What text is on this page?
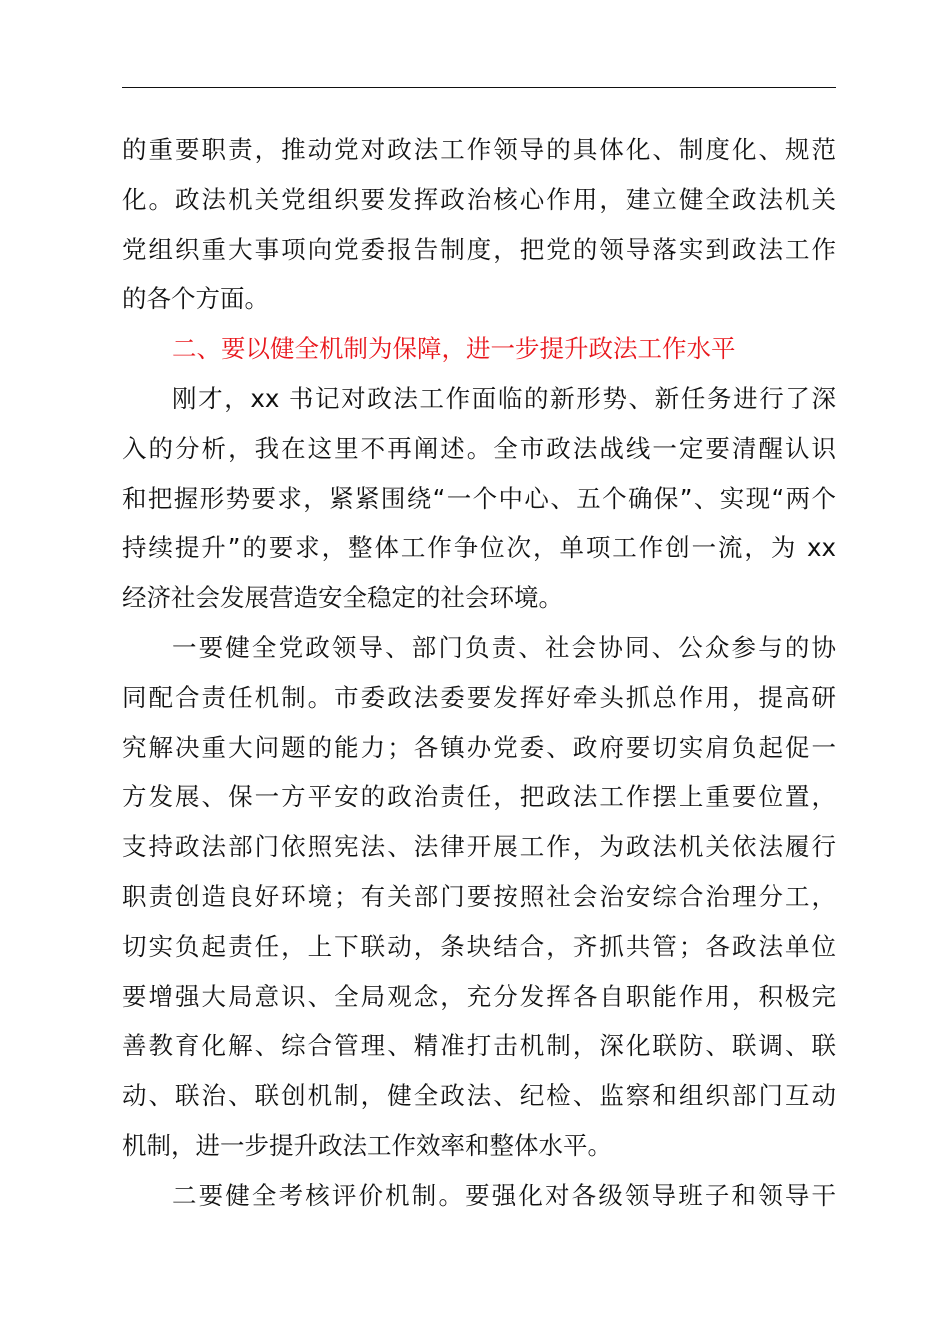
的重要职责，推动党对政法工作领导的具体化、制度化、规范
化。政法机关党组织要发挥政治核心作用，建立健全政法机关
党组织重大事项向党委报告制度，把党的领导落实到政法工作
的各个方面。
二、要以健全机制为保障，进一步提升政法工作水平
刚才，xx 书记对政法工作面临的新形势、新任务进行了深
入的分析，我在这里不再阐述。全市政法战线一定要清醒认识
和把握形势要求，紧紧围绕“一个中心、五个确保”、实现“两个
持续提升”的要求，整体工作争位次，单项工作创一流，为 xx
经济社会发展营造安全稳定的社会环境。
一要健全党政领导、部门负责、社会协同、公众参与的协
同配合责任机制。市委政法委要发挥好牵头抓总作用，提高研
究解决重大问题的能力；各镇办党委、政府要切实肩负起促一
方发展、保一方平安的政治责任，把政法工作摆上重要位置，
支持政法部门依照宪法、法律开展工作，为政法机关依法履行
职责创造良好环境；有关部门要按照社会治安综合治理分工，
切实负起责任，上下联动，条块结合，齐抓共管；各政法单位
要增强大局意识、全局观念，充分发挥各自职能作用，积极完
善教育化解、综合管理、精准打击机制，深化联防、联调、联
动、联治、联创机制，健全政法、纪检、监察和组织部门互动
机制，进一步提升政法工作效率和整体水平。
二要健全考核评价机制。要强化对各级领导班子和领导干
